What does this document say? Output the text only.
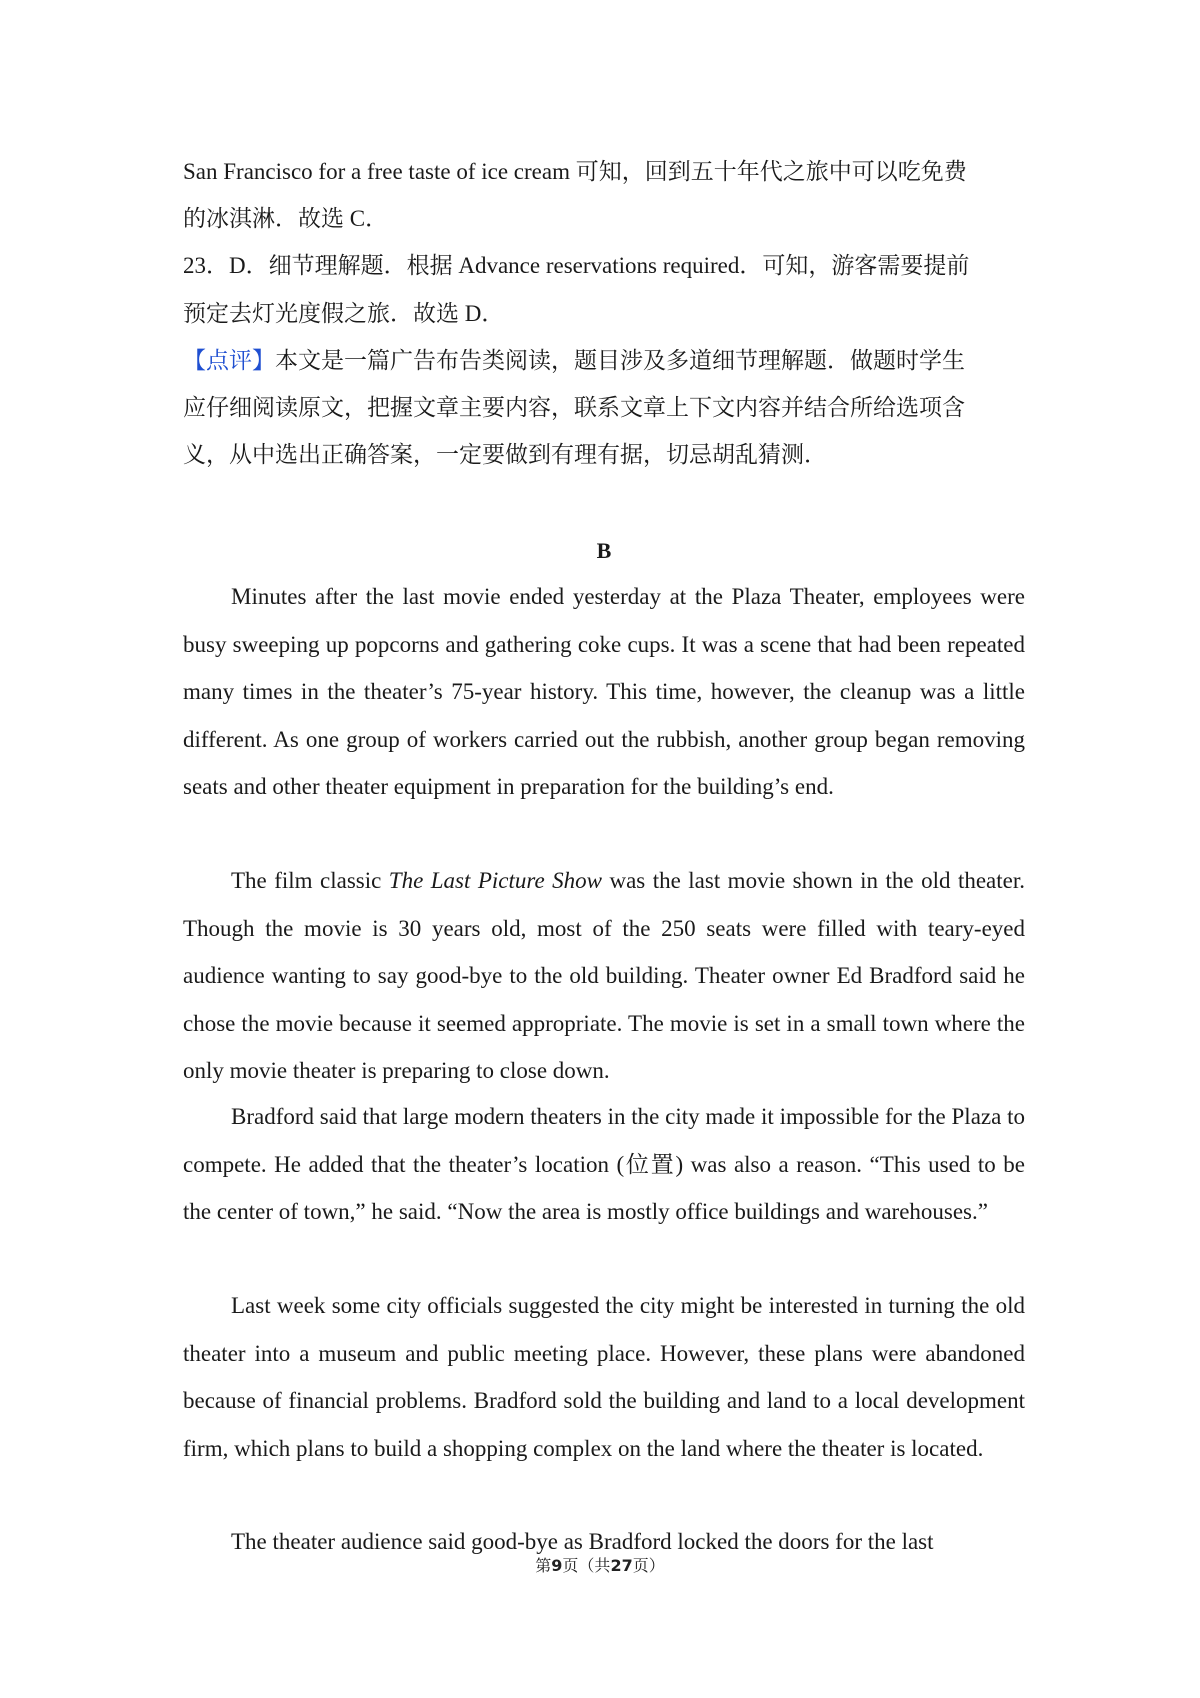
San Francisco for a free taste of ice cream 可知，回到五十年代之旅中可以吃免费

的冰淇淋．故选 C．

23．D．细节理解题．根据 Advance reservations required．可知，游客需要提前

预定去灯光度假之旅．故选 D．

【点评】本文是一篇广告布告类阅读，题目涉及多道细节理解题．做题时学生

应仔细阅读原文，把握文章主要内容，联系文章上下文内容并结合所给选项含

义，从中选出正确答案，一定要做到有理有据，切忌胡乱猜测．

B

Minutes after the last movie ended yesterday at the Plaza Theater, employees were busy sweeping up popcorns and gathering coke cups. It was a scene that had been repeated many times in the theater’s 75-year history. This time, however, the cleanup was a little different. As one group of workers carried out the rubbish, another group began removing seats and other theater equipment in preparation for the building’s end.

The film classic The Last Picture Show was the last movie shown in the old theater. Though the movie is 30 years old, most of the 250 seats were filled with teary-eyed audience wanting to say good-bye to the old building. Theater owner Ed Bradford said he chose the movie because it seemed appropriate. The movie is set in a small town where the only movie theater is preparing to close down.

Bradford said that large modern theaters in the city made it impossible for the Plaza to compete. He added that the theater’s location (位置) was also a reason. “This used to be the center of town,” he said. “Now the area is mostly office buildings and warehouses.”

Last week some city officials suggested the city might be interested in turning the old theater into a museum and public meeting place. However, these plans were abandoned because of financial problems. Bradford sold the building and land to a local development firm, which plans to build a shopping complex on the land where the theater is located.

The theater audience said good-bye as Bradford locked the doors for the last

第9页（共27页）
